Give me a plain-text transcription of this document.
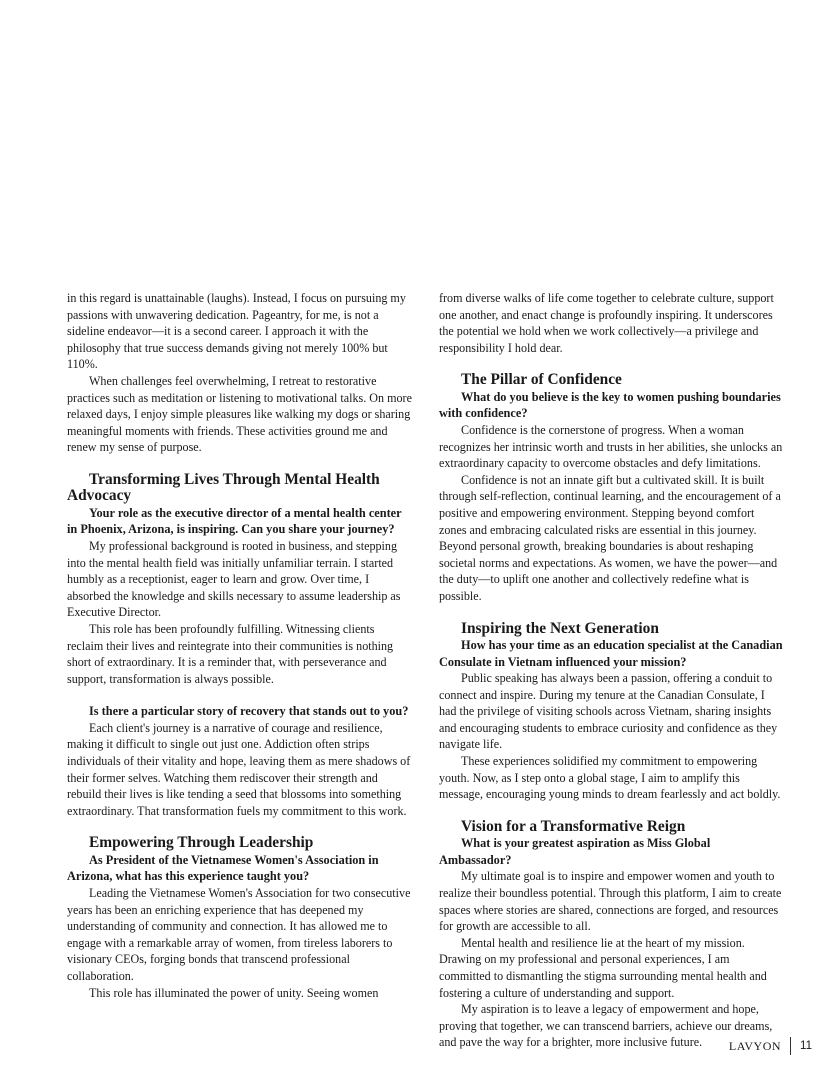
in this regard is unattainable (laughs). Instead, I focus on pursuing my passions with unwavering dedication. Pageantry, for me, is not a sideline endeavor—it is a second career. I approach it with the philosophy that true success demands giving not merely 100% but 110%.

When challenges feel overwhelming, I retreat to restorative practices such as meditation or listening to motivational talks. On more relaxed days, I enjoy simple pleasures like walking my dogs or sharing meaningful moments with friends. These activities ground me and renew my sense of purpose.

Transforming Lives Through Mental Health Advocacy

Your role as the executive director of a mental health center in Phoenix, Arizona, is inspiring. Can you share your journey?

My professional background is rooted in business, and stepping into the mental health field was initially unfamiliar terrain. I started humbly as a receptionist, eager to learn and grow. Over time, I absorbed the knowledge and skills necessary to assume leadership as Executive Director.

This role has been profoundly fulfilling. Witnessing clients reclaim their lives and reintegrate into their communities is nothing short of extraordinary. It is a reminder that, with perseverance and support, transformation is always possible.

Is there a particular story of recovery that stands out to you?

Each client's journey is a narrative of courage and resilience, making it difficult to single out just one. Addiction often strips individuals of their vitality and hope, leaving them as mere shadows of their former selves. Watching them rediscover their strength and rebuild their lives is like tending a seed that blossoms into something extraordinary. That transformation fuels my commitment to this work.

Empowering Through Leadership

As President of the Vietnamese Women's Association in Arizona, what has this experience taught you?

Leading the Vietnamese Women's Association for two consecutive years has been an enriching experience that has deepened my understanding of community and connection. It has allowed me to engage with a remarkable array of women, from tireless laborers to visionary CEOs, forging bonds that transcend professional collaboration.

This role has illuminated the power of unity. Seeing women

from diverse walks of life come together to celebrate culture, support one another, and enact change is profoundly inspiring. It underscores the potential we hold when we work collectively—a privilege and responsibility I hold dear.

The Pillar of Confidence

What do you believe is the key to women pushing boundaries with confidence?

Confidence is the cornerstone of progress. When a woman recognizes her intrinsic worth and trusts in her abilities, she unlocks an extraordinary capacity to overcome obstacles and defy limitations.

Confidence is not an innate gift but a cultivated skill. It is built through self-reflection, continual learning, and the encouragement of a positive and empowering environment. Stepping beyond comfort zones and embracing calculated risks are essential in this journey. Beyond personal growth, breaking boundaries is about reshaping societal norms and expectations. As women, we have the power—and the duty—to uplift one another and collectively redefine what is possible.

Inspiring the Next Generation

How has your time as an education specialist at the Canadian Consulate in Vietnam influenced your mission?

Public speaking has always been a passion, offering a conduit to connect and inspire. During my tenure at the Canadian Consulate, I had the privilege of visiting schools across Vietnam, sharing insights and encouraging students to embrace curiosity and confidence as they navigate life.

These experiences solidified my commitment to empowering youth. Now, as I step onto a global stage, I aim to amplify this message, encouraging young minds to dream fearlessly and act boldly.

Vision for a Transformative Reign

What is your greatest aspiration as Miss Global Ambassador?

My ultimate goal is to inspire and empower women and youth to realize their boundless potential. Through this platform, I aim to create spaces where stories are shared, connections are forged, and resources for growth are accessible to all.

Mental health and resilience lie at the heart of my mission. Drawing on my professional and personal experiences, I am committed to dismantling the stigma surrounding mental health and fostering a culture of understanding and support.

My aspiration is to leave a legacy of empowerment and hope, proving that together, we can transcend barriers, achieve our dreams, and pave the way for a brighter, more inclusive future.	LAVYON 11
